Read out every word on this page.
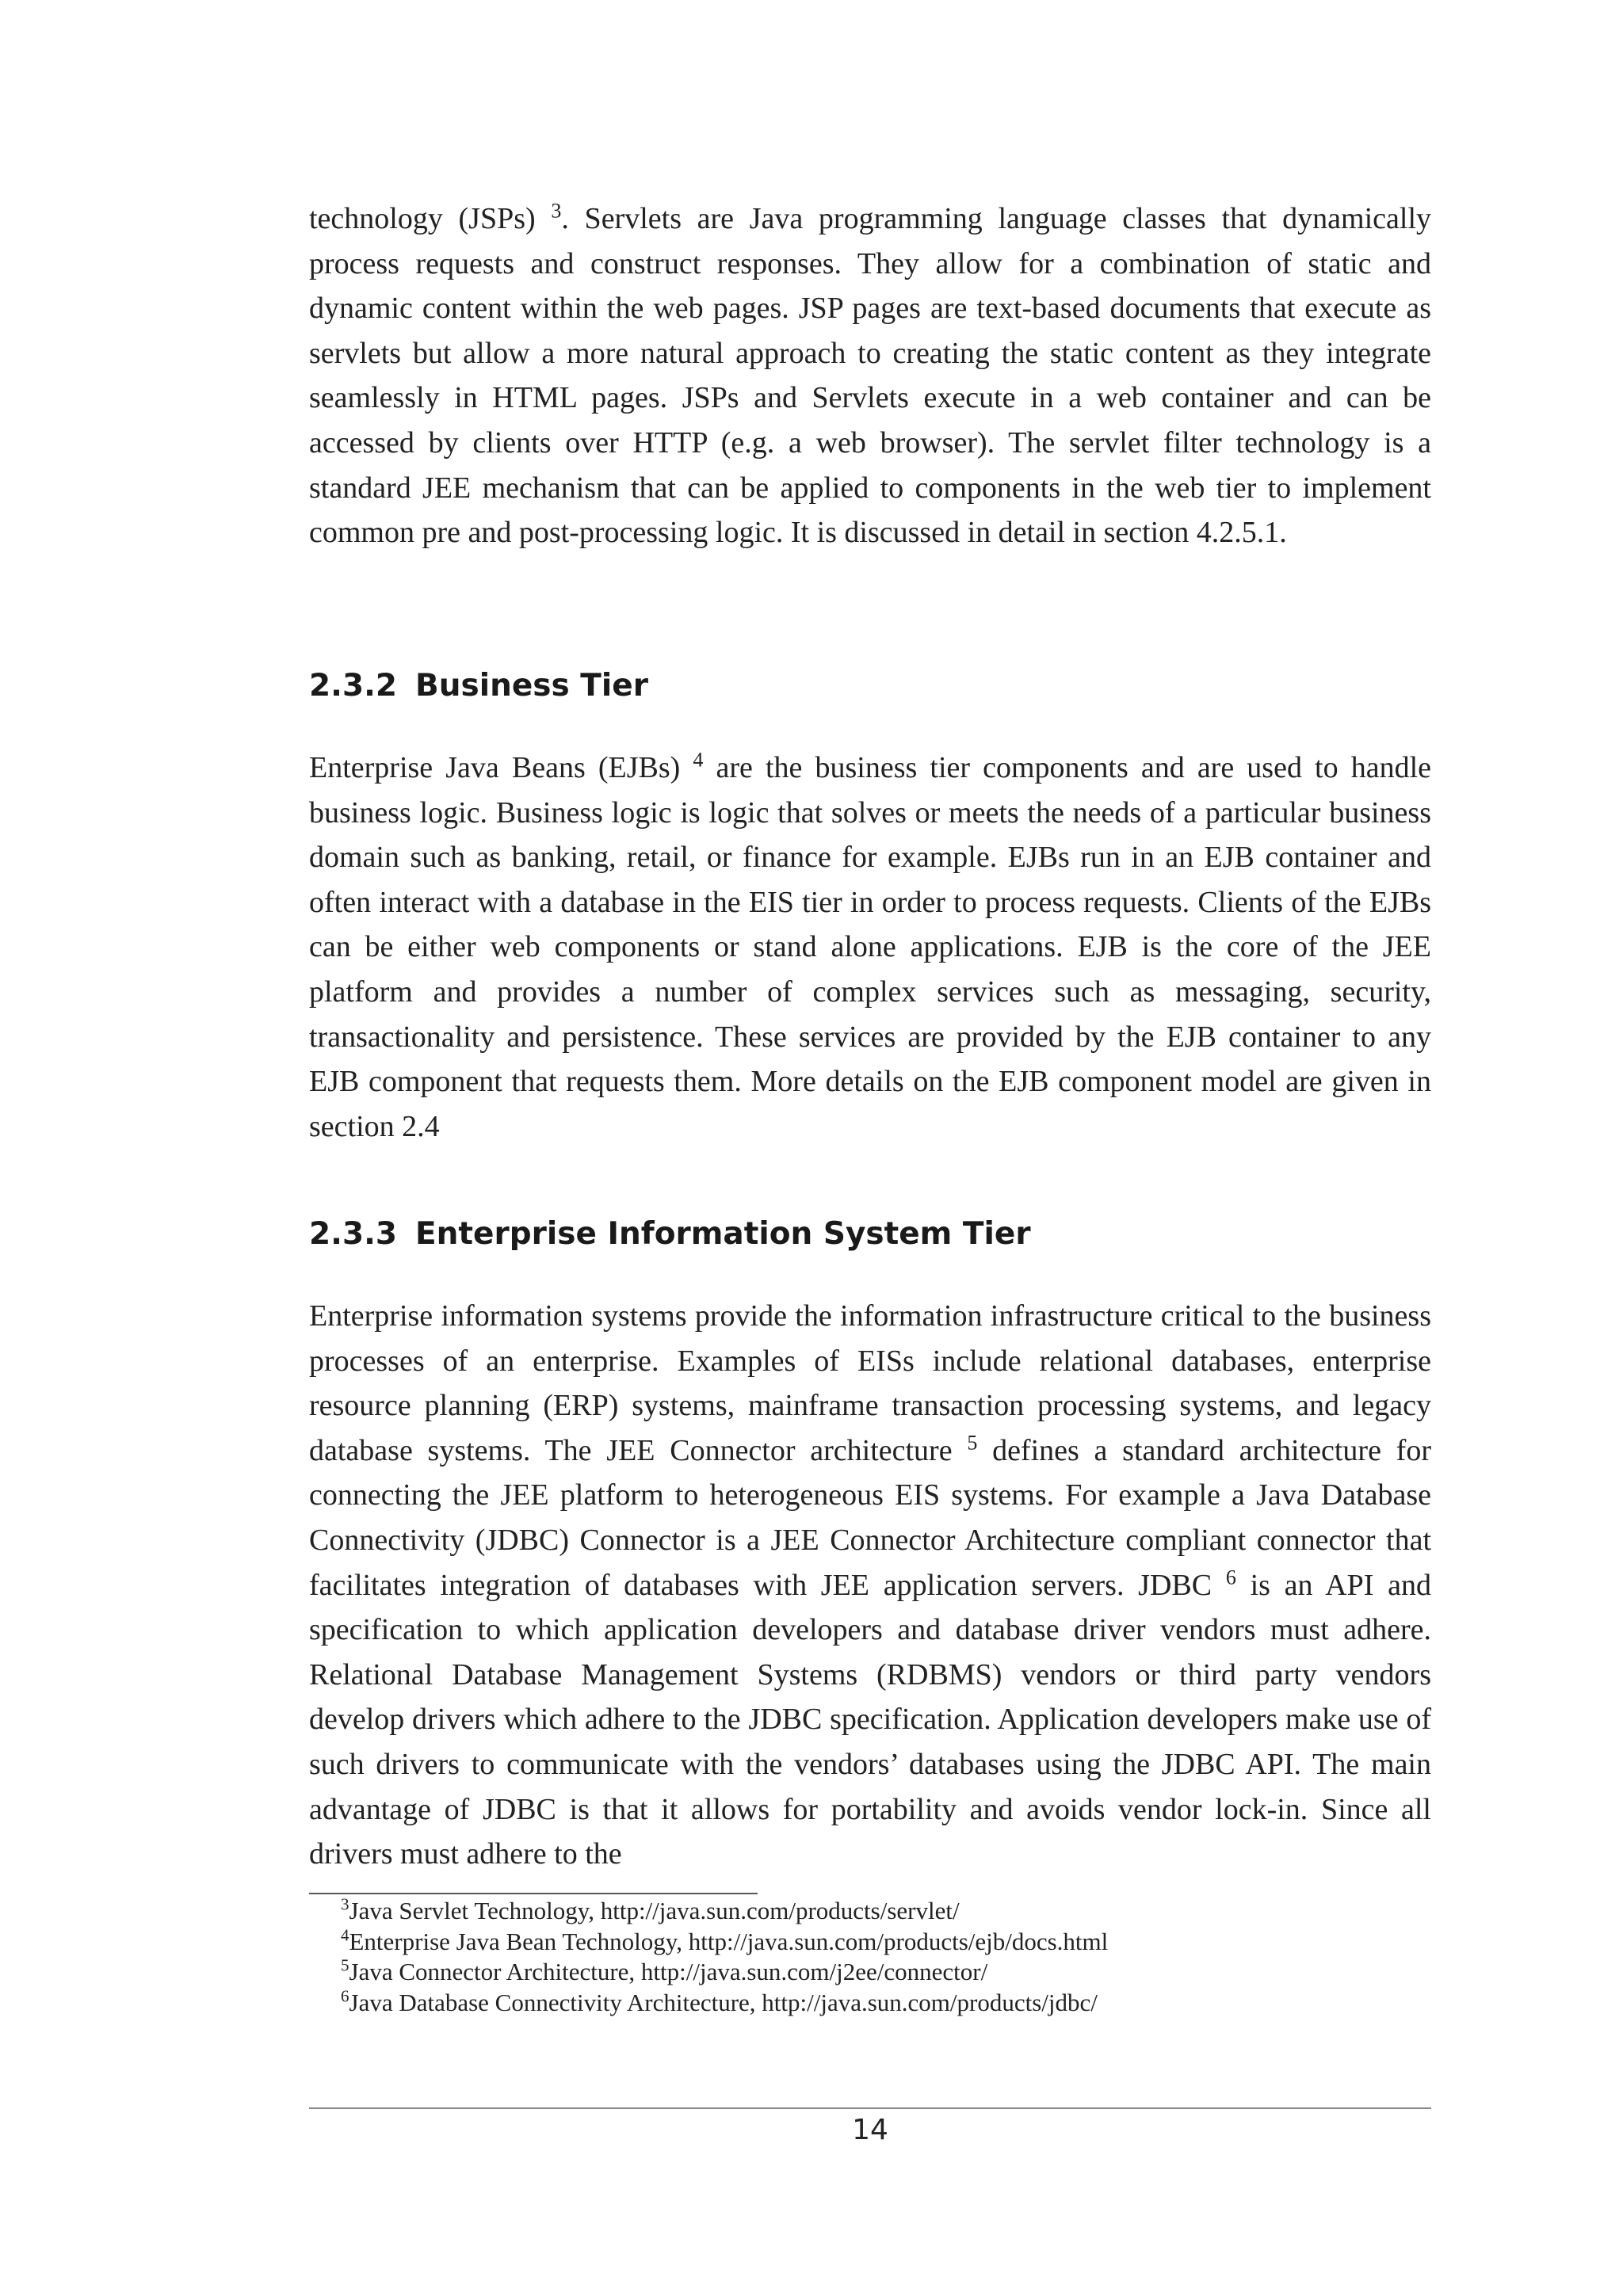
technology (JSPs) $^3$. Servlets are Java programming language classes that dynamically process requests and construct responses. They allow for a combination of static and dynamic content within the web pages. JSP pages are text-based documents that execute as servlets but allow a more natural approach to creating the static content as they integrate seamlessly in HTML pages. JSPs and Servlets execute in a web container and can be accessed by clients over HTTP (e.g. a web browser). The servlet filter technology is a standard JEE mechanism that can be applied to components in the web tier to implement common pre and post-processing logic. It is discussed in detail in section 4.2.5.1.

2.3.2 Business Tier

Enterprise Java Beans (EJBs) $^4$ are the business tier components and are used to handle business logic. Business logic is logic that solves or meets the needs of a particular business domain such as banking, retail, or finance for example. EJBs run in an EJB container and often interact with a database in the EIS tier in order to process requests. Clients of the EJBs can be either web components or stand alone applications. EJB is the core of the JEE platform and provides a number of complex services such as messaging, security, transactionality and persistence. These services are provided by the EJB container to any EJB component that requests them. More details on the EJB component model are given in section 2.4

2.3.3 Enterprise Information System Tier

Enterprise information systems provide the information infrastructure critical to the business processes of an enterprise. Examples of EISs include relational databases, enterprise resource planning (ERP) systems, mainframe transaction processing systems, and legacy database systems. The JEE Connector architecture $^5$ defines a standard architecture for connecting the JEE platform to heterogeneous EIS systems. For example a Java Database Connectivity (JDBC) Connector is a JEE Connector Architecture compliant connector that facilitates integration of databases with JEE application servers. JDBC $^6$ is an API and specification to which application developers and database driver vendors must adhere. Relational Database Management Systems (RDBMS) vendors or third party vendors develop drivers which adhere to the JDBC specification. Application developers make use of such drivers to communicate with the vendors’ databases using the JDBC API. The main advantage of JDBC is that it allows for portability and avoids vendor lock-in. Since all drivers must adhere to the

$^3$Java Servlet Technology, http://java.sun.com/products/servlet/
$^4$Enterprise Java Bean Technology, http://java.sun.com/products/ejb/docs.html
$^5$Java Connector Architecture, http://java.sun.com/j2ee/connector/
$^6$Java Database Connectivity Architecture, http://java.sun.com/products/jdbc/
14
